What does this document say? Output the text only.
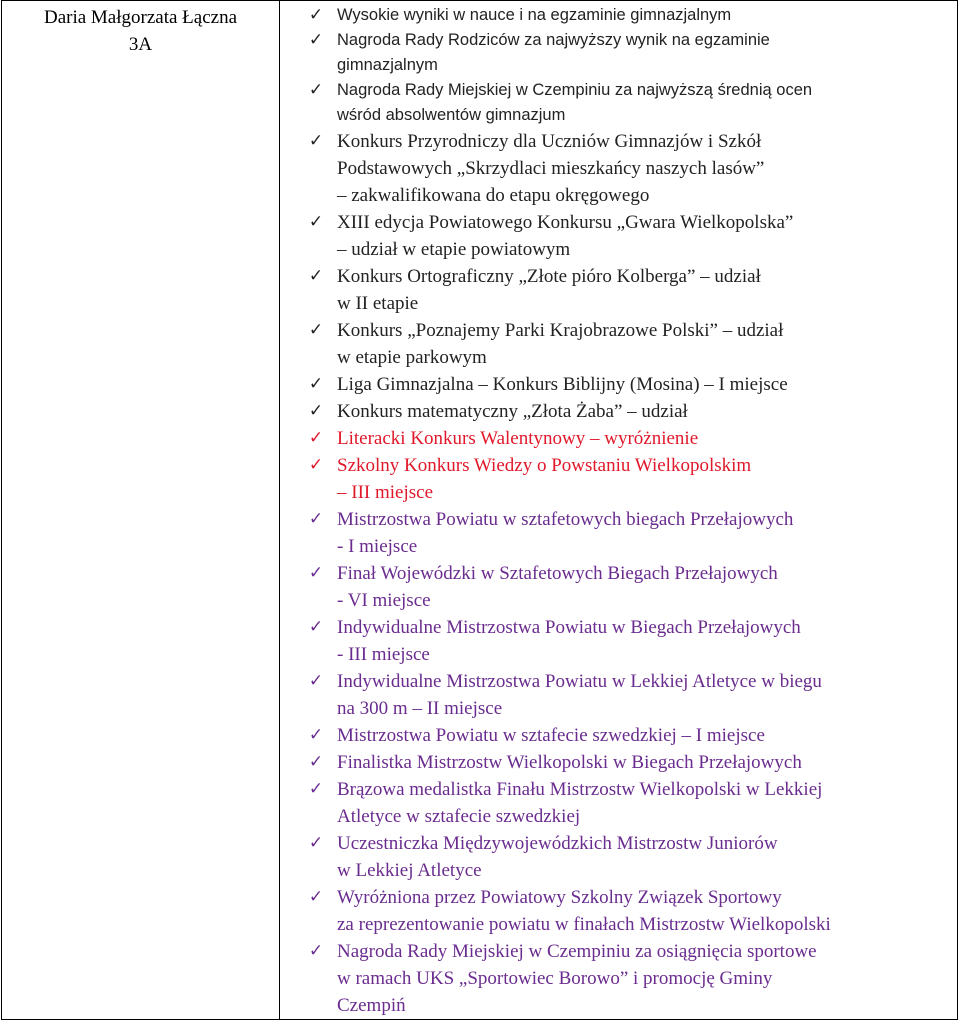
Daria Małgorzata Łączna
3A

✓ Wysokie wyniki w nauce i na egzaminie gimnazjalnym
✓ Nagroda Rady Rodziców za najwyższy wynik na egzaminie
gimnazjalnym
✓ Nagroda Rady Miejskiej w Czempiniu za najwyższą średnią ocen
wśród absolwentów gimnazjum
✓ Konkurs Przyrodniczy dla Uczniów Gimnazjów i Szkół
Podstawowych „Skrzydlaci mieszkańcy naszych lasów”
– zakwalifikowana do etapu okręgowego
✓ XIII edycja Powiatowego Konkursu „Gwara Wielkopolska”
– udział w etapie powiatowym
✓ Konkurs Ortograficzny „Złote pióro Kolberga” – udział
w II etapie
✓ Konkurs „Poznajemy Parki Krajobrazowe Polski” – udział
w etapie parkowym
✓ Liga Gimnazjalna – Konkurs Biblijny (Mosina) – I miejsce
✓ Konkurs matematyczny „Złota Żaba” – udział
✓ Literacki Konkurs Walentynowy – wyróżnienie
✓ Szkolny Konkurs Wiedzy o Powstaniu Wielkopolskim
– III miejsce
✓ Mistrzostwa Powiatu w sztafetowych biegach Przełajowych
- I miejsce
✓ Finał Wojewódzki w Sztafetowych Biegach Przełajowych
- VI miejsce
✓ Indywidualne Mistrzostwa Powiatu w Biegach Przełajowych
- III miejsce
✓ Indywidualne Mistrzostwa Powiatu w Lekkiej Atletyce w biegu
na 300 m – II miejsce
✓ Mistrzostwa Powiatu w sztafecie szwedzkiej – I miejsce
✓ Finalistka Mistrzostw Wielkopolski w Biegach Przełajowych
✓ Brązowa medalistka Finału Mistrzostw Wielkopolski w Lekkiej
Atletyce w sztafecie szwedzkiej
✓ Uczestniczka Międzywojewódzkich Mistrzostw Juniorów
w Lekkiej Atletyce
✓ Wyróżniona przez Powiatowy Szkolny Związek Sportowy
za reprezentowanie powiatu w finałach Mistrzostw Wielkopolski
✓ Nagroda Rady Miejskiej w Czempiniu za osiągnięcia sportowe
w ramach UKS „Sportowiec Borowo” i promocję Gminy
Czempiń
